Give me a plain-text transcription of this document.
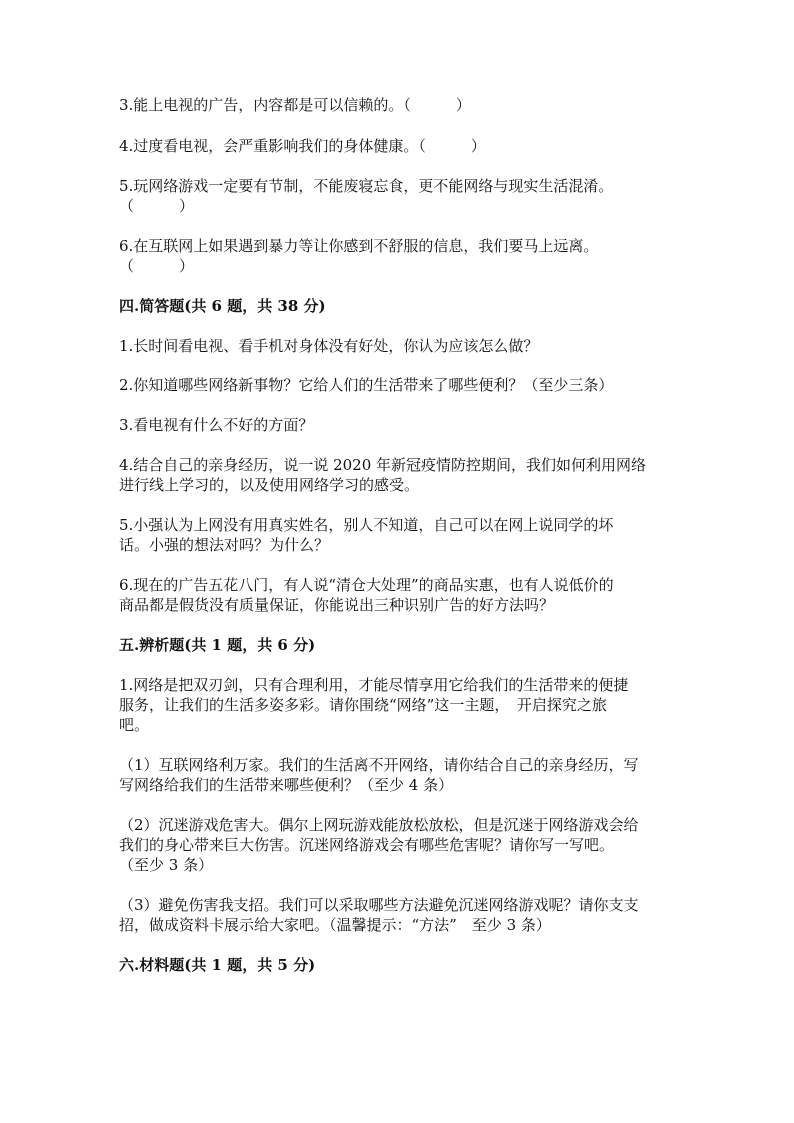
3.能上电视的广告，内容都是可以信赖的。（　　　）
4.过度看电视，会严重影响我们的身体健康。（　　　）
5.玩网络游戏一定要有节制，不能废寝忘食，更不能网络与现实生活混淆。
（　　　）
6.在互联网上如果遇到暴力等让你感到不舒服的信息，我们要马上远离。
（　　　）
四.简答题(共 6 题，共 38 分)
1.长时间看电视、看手机对身体没有好处，你认为应该怎么做？
2.你知道哪些网络新事物？它给人们的生活带来了哪些便利？（至少三条）
3.看电视有什么不好的方面？
4.结合自己的亲身经历，说一说 2020 年新冠疫情防控期间，我们如何利用网络
进行线上学习的，以及使用网络学习的感受。
5.小强认为上网没有用真实姓名，别人不知道，自己可以在网上说同学的坏
话。小强的想法对吗？为什么？
6.现在的广告五花八门，有人说“清仓大处理”的商品实惠，也有人说低价的
商品都是假货没有质量保证，你能说出三种识别广告的好方法吗？
五.辨析题(共 1 题，共 6 分)
1.网络是把双刃剑，只有合理利用，才能尽情享用它给我们的生活带来的便捷
服务，让我们的生活多姿多彩。请你围绕“网络”这一主题，　开启探究之旅
吧。
（1）互联网络利万家。我们的生活离不开网络，请你结合自己的亲身经历，写
写网络给我们的生活带来哪些便利？（至少 4 条）
（2）沉迷游戏危害大。偶尔上网玩游戏能放松放松，但是沉迷于网络游戏会给
我们的身心带来巨大伤害。沉迷网络游戏会有哪些危害呢？请你写一写吧。
（至少 3 条）
（3）避免伤害我支招。我们可以采取哪些方法避免沉迷网络游戏呢？请你支支
招，做成资料卡展示给大家吧。（温馨提示：“方法”　至少 3 条）
六.材料题(共 1 题，共 5 分)
